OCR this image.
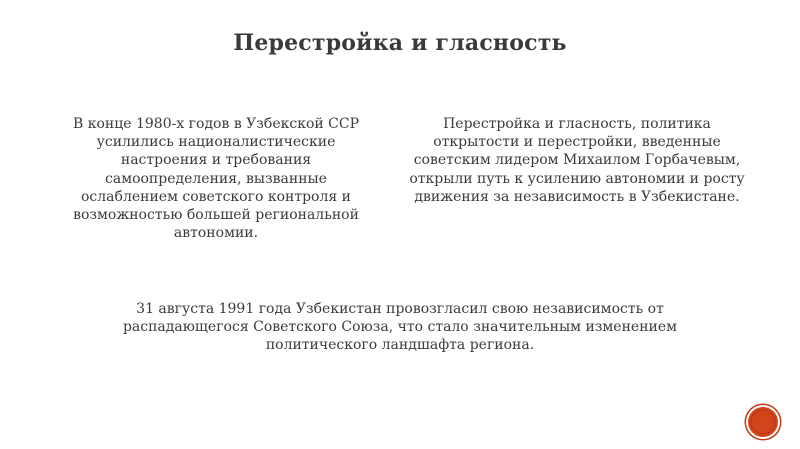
Перестройка и гласность
В конце 1980-х годов в Узбекской ССР усилились националистические настроения и требования самоопределения, вызванные ослаблением советского контроля и возможностью большей региональной автономии.
Перестройка и гласность, политика открытости и перестройки, введенные советским лидером Михаилом Горбачевым, открыли путь к усилению автономии и росту движения за независимость в Узбекистане.
31 августа 1991 года Узбекистан провозгласил свою независимость от распадающегося Советского Союза, что стало значительным изменением политического ландшафта региона.
